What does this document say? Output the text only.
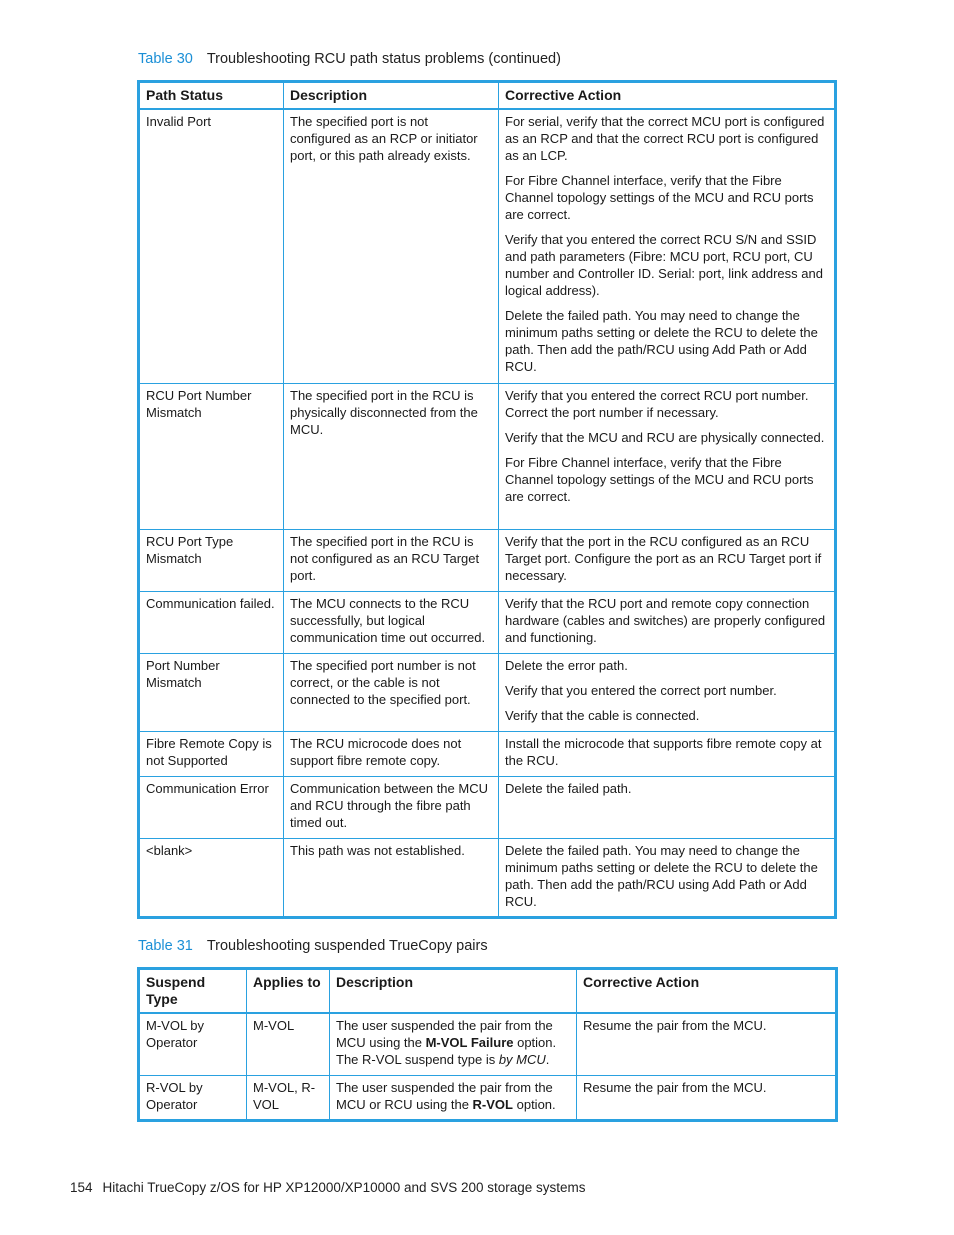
Table 30 Troubleshooting RCU path status problems (continued)
Path Status	Description	Corrective Action
Invalid Port	The specified port is not configured as an RCP or initiator port, or this path already exists.	For serial, verify that the correct MCU port is configured as an RCP and that the correct RCU port is configured as an LCP.

For Fibre Channel interface, verify that the Fibre Channel topology settings of the MCU and RCU ports are correct.

Verify that you entered the correct RCU S/N and SSID and path parameters (Fibre: MCU port, RCU port, CU number and Controller ID. Serial: port, link address and logical address).

Delete the failed path. You may need to change the minimum paths setting or delete the RCU to delete the path. Then add the path/RCU using Add Path or Add RCU.

RCU Port Number Mismatch	The specified port in the RCU is physically disconnected from the MCU.	Verify that you entered the correct RCU port number. Correct the port number if necessary.

Verify that the MCU and RCU are physically connected.

For Fibre Channel interface, verify that the Fibre Channel topology settings of the MCU and RCU ports are correct.

RCU Port Type Mismatch	The specified port in the RCU is not configured as an RCU Target port.	Verify that the port in the RCU configured as an RCU Target port. Configure the port as an RCU Target port if necessary.

Communication failed.	The MCU connects to the RCU successfully, but logical communication time out occurred.	Verify that the RCU port and remote copy connection hardware (cables and switches) are properly configured and functioning.

Port Number Mismatch	The specified port number is not correct, or the cable is not connected to the specified port.	Delete the error path.

Verify that you entered the correct port number.

Verify that the cable is connected.

Fibre Remote Copy is not Supported	The RCU microcode does not support fibre remote copy.	Install the microcode that supports fibre remote copy at the RCU.

Communication Error	Communication between the MCU and RCU through the fibre path timed out.	Delete the failed path.

<blank>	This path was not established.	Delete the failed path. You may need to change the minimum paths setting or delete the RCU to delete the path. Then add the path/RCU using Add Path or Add RCU.

Table 31 Troubleshooting suspended TrueCopy pairs
Suspend Type	Applies to	Description	Corrective Action
M-VOL by Operator	M-VOL	The user suspended the pair from the MCU using the M-VOL Failure option. The R-VOL suspend type is by MCU.	Resume the pair from the MCU.
R-VOL by Operator	M-VOL, R-VOL	The user suspended the pair from the MCU or RCU using the R-VOL option.	Resume the pair from the MCU.
154 Hitachi TrueCopy z/OS for HP XP12000/XP10000 and SVS 200 storage systems
